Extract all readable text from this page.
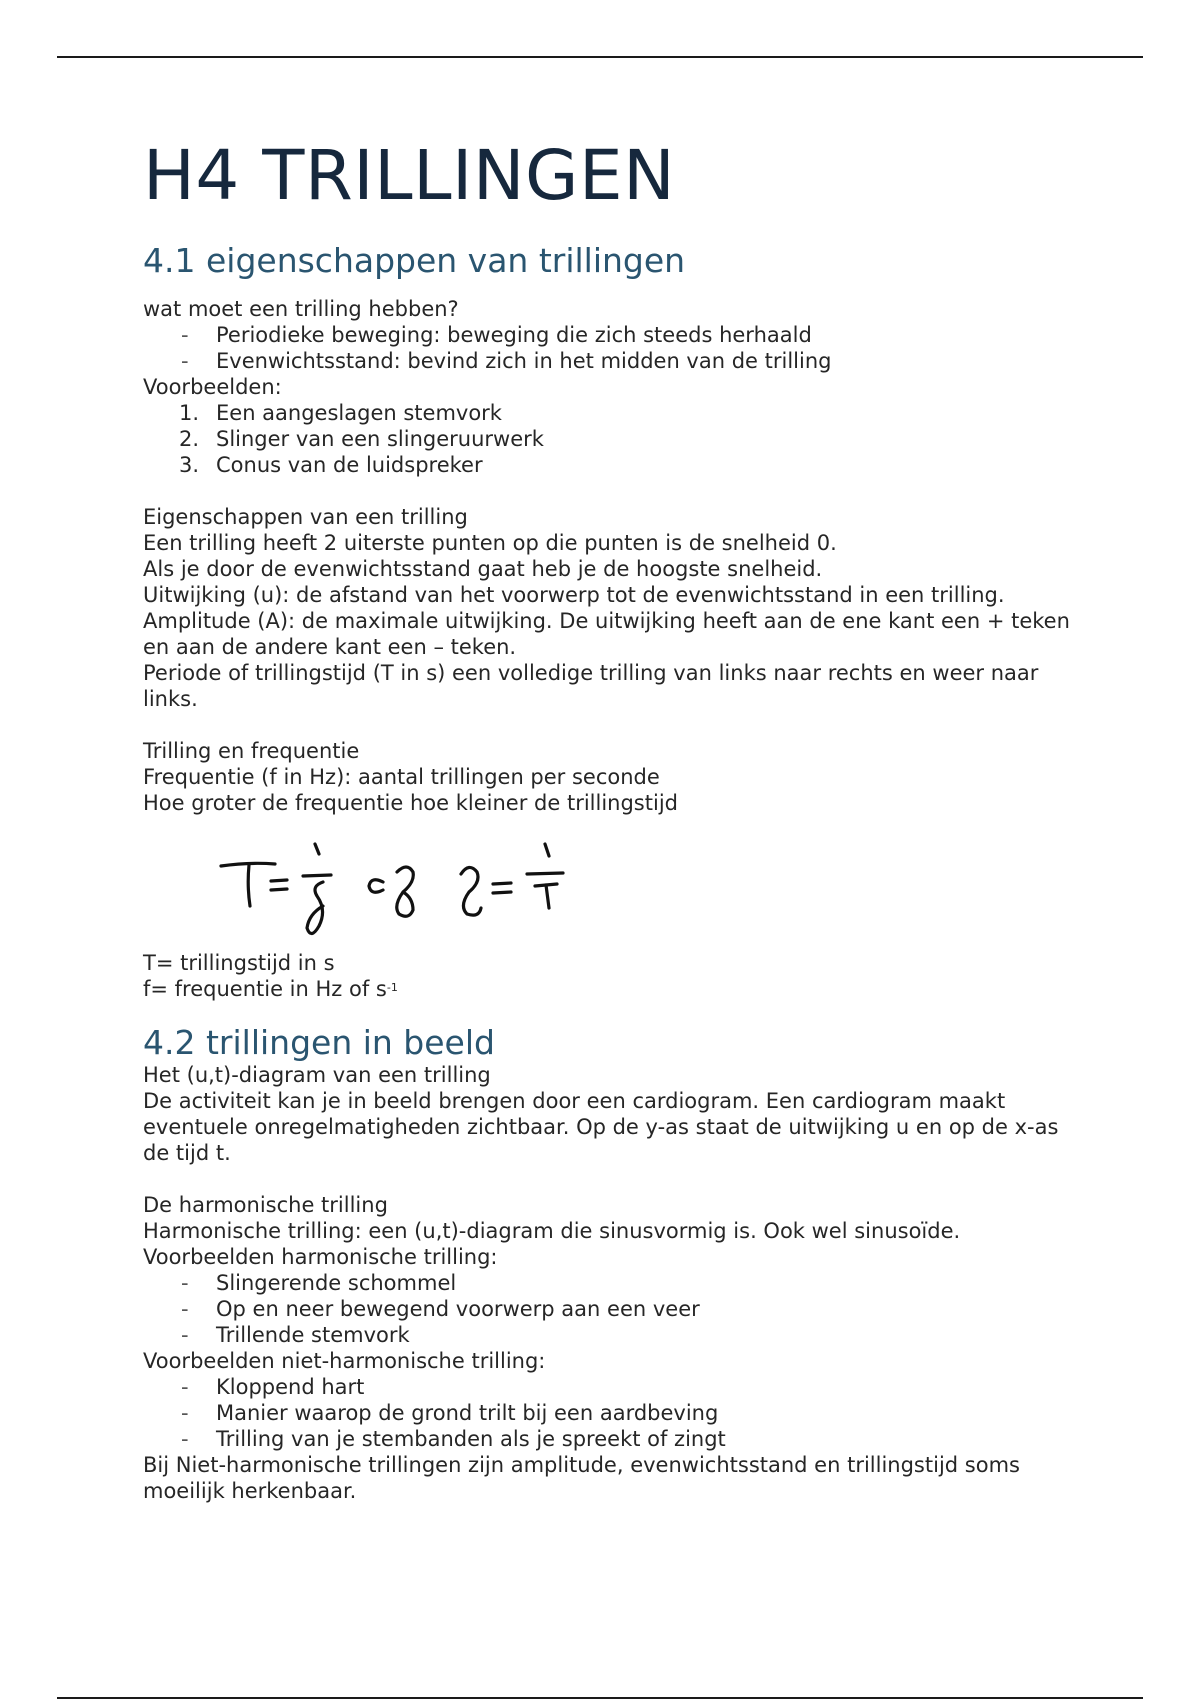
H4 TRILLINGEN
4.1 eigenschappen van trillingen

wat moet een trilling hebben?

- Periodieke beweging: beweging die zich steeds herhaald
- Evenwichtsstand: bevind zich in het midden van de trilling

Voorbeelden:

1. Een aangeslagen stemvork
2. Slinger van een slingeruurwerk
3. Conus van de luidspreker

Eigenschappen van een trilling

Een trilling heeft 2 uiterste punten op die punten is de snelheid 0.

Als je door de evenwichtsstand gaat heb je de hoogste snelheid.

Uitwijking (u): de afstand van het voorwerp tot de evenwichtsstand in een trilling.

Amplitude (A): de maximale uitwijking. De uitwijking heeft aan de ene kant een + teken en aan de andere kant een – teken.

Periode of trillingstijd (T in s) een volledige trilling van links naar rechts en weer naar links.

Trilling en frequentie

Frequentie (f in Hz): aantal trillingen per seconde

Hoe groter de frequentie hoe kleiner de trillingstijd

T= trillingstijd in s

f= frequentie in Hz of $s^{-1}$

4.2 trillingen in beeld

Het (u,t)-diagram van een trilling

De activiteit kan je in beeld brengen door een cardiogram. Een cardiogram maakt eventuele onregelmatigheden zichtbaar. Op de y-as staat de uitwijking u en op de x-as de tijd t.

De harmonische trilling

Harmonische trilling: een (u,t)-diagram die sinusvormig is. Ook wel sinusoïde.

Voorbeelden harmonische trilling:

- Slingerende schommel
- Op en neer bewegend voorwerp aan een veer
- Trillende stemvork

Voorbeelden niet-harmonische trilling:

- Kloppend hart
- Manier waarop de grond trilt bij een aardbeving
- Trilling van je stembanden als je spreekt of zingt

Bij Niet-harmonische trillingen zijn amplitude, evenwichtsstand en trillingstijd soms moeilijk herkenbaar.
